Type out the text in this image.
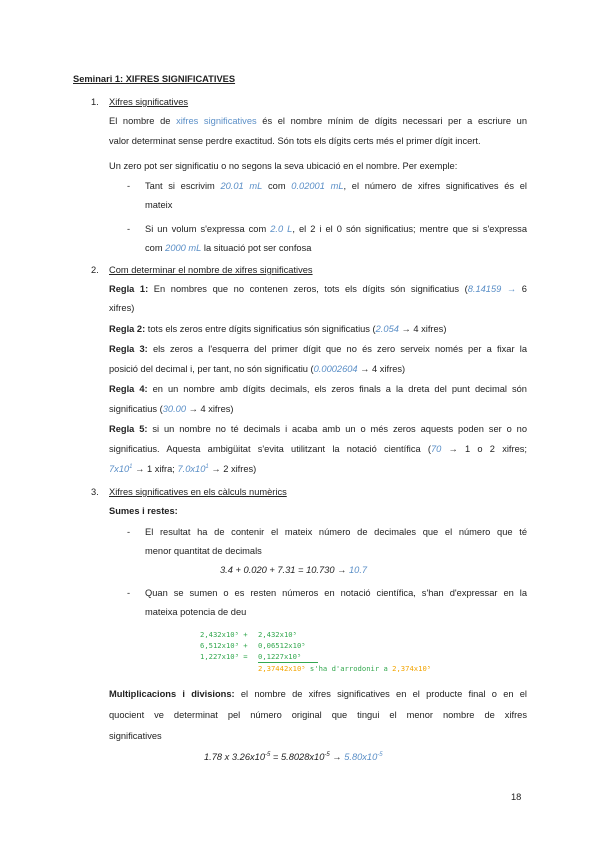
Seminari 1: XIFRES SIGNIFICATIVES
1. Xifres significatives
El nombre de xifres significatives és el nombre mínim de dígits necessari per a escriure un
valor determinat sense perdre exactitud. Són tots els dígits certs més el primer dígit incert.
Un zero pot ser significatiu o no segons la seva ubicació en el nombre. Per exemple:
- Tant si escrivim 20.01 mL com 0.02001 mL, el número de xifres significatives és el
mateix
- Si un volum s'expressa com 2.0 L, el 2 i el 0 són significatius; mentre que si s'expressa
com 2000 mL la situació pot ser confosa
2. Com determinar el nombre de xifres significatives
Regla 1: En nombres que no contenen zeros, tots els dígits són significatius (8.14159 → 6
xifres)
Regla 2: tots els zeros entre dígits significatius són significatius (2.054 → 4 xifres)
Regla 3: els zeros a l'esquerra del primer dígit que no és zero serveix només per a fixar la
posició del decimal i, per tant, no són significatiu (0.0002604 → 4 xifres)
Regla 4: en un nombre amb dígits decimals, els zeros finals a la dreta del punt decimal són
significatius (30.00 → 4 xifres)
Regla 5: si un nombre no té decimals i acaba amb un o més zeros aquests poden ser o no
significatius. Aquesta ambigüitat s'evita utilitzant la notació científica (70 → 1 o 2 xifres;
$7x10^1 \to 1$ xifra; $7.0x10^1 \to 2$ xifres)
3. Xifres significatives en els càlculs numèrics
Sumes i restes:
- El resultat ha de contenir el mateix número de decimales que el número que té
menor quantitat de decimals
3.4 + 0.020 + 7.31 = 10.730 → 10.7
- Quan se sumen o es resten números en notació científica, s'han d'expressar en la
mateixa potencia de deu
2,432x10⁵ + 2,432x10⁵
6,512x10³ + 0,06512x10⁵
1,227x10³ = 0,1227x10⁵
2,37442x10⁵ s'ha d'arrodonir a 2,374x10⁵
Multiplicacions i divisions: el nombre de xifres significatives en el producte final o en el
quocient ve determinat pel número original que tingui el menor nombre de xifres
significatives
1.78 x $3.26x10^{-5} = 5.8028x10^{-5} \to 5.80x10^{-5}$
18
